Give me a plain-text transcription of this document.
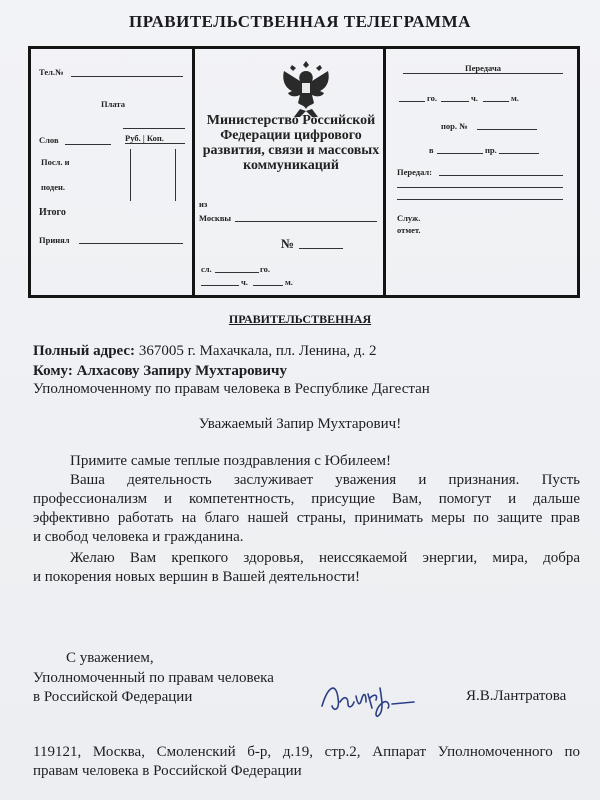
ПРАВИТЕЛЬСТВЕННАЯ ТЕЛЕГРАММА
Тел.№
Плата
Слов	Руб. | Коп.
Посл. и
поден.
Итого
Принял
Министерство Российской Федерации цифрового развития, связи и массовых коммуникаций
из
Москвы
№
сл.	го.
ч.	м.
Передача
го.	ч.	м.
пор. №
в	пр.
Передал:
Служ.
отмет.
ПРАВИТЕЛЬСТВЕННАЯ
Полный адрес: 367005 г. Махачкала, пл. Ленина, д. 2
Кому: Алхасову Запиру Мухтаровичу
Уполномоченному по правам человека в Республике Дагестан
Уважаемый Запир Мухтарович!
Примите самые теплые поздравления с Юбилеем!
Ваша деятельность заслуживает уважения и признания. Пусть
профессионализм и компетентность, присущие Вам, помогут и дальше
эффективно работать на благо нашей страны, принимать меры по защите прав
и свобод человека и гражданина.
Желаю Вам крепкого здоровья, неиссякаемой энергии, мира, добра
и покорения новых вершин в Вашей деятельности!
С уважением,
Уполномоченный по правам человека
в Российской Федерации	Я.В.Лантратова
119121, Москва, Смоленский б-р, д.19, стр.2, Аппарат Уполномоченного по
правам человека в Российской Федерации
